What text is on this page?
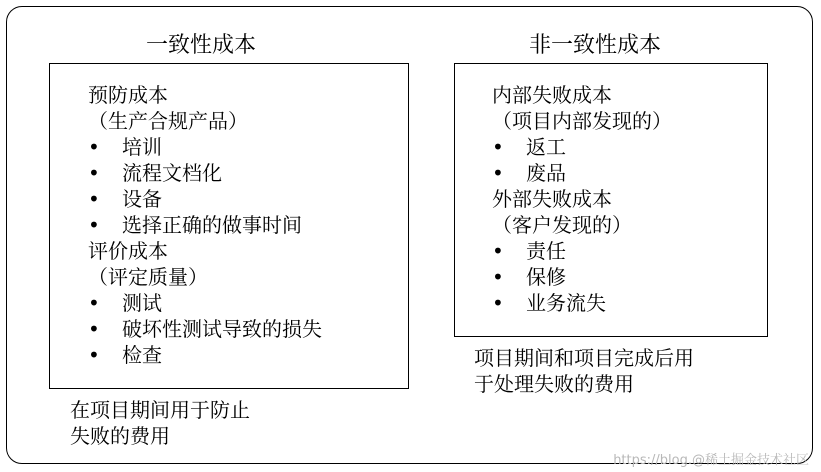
一致性成本
预防成本
（生产合规产品）
• 培训
• 流程文档化
• 设备
• 选择正确的做事时间
评价成本
（评定质量）
• 测试
• 破坏性测试导致的损失
• 检查
在项目期间用于防止
失败的费用
非一致性成本
内部失败成本
（项目内部发现的）
• 返工
• 废品
外部失败成本
（客户发现的）
• 责任
• 保修
• 业务流失
项目期间和项目完成后用
于处理失败的费用
https://blog.@稀土掘金技术社区
